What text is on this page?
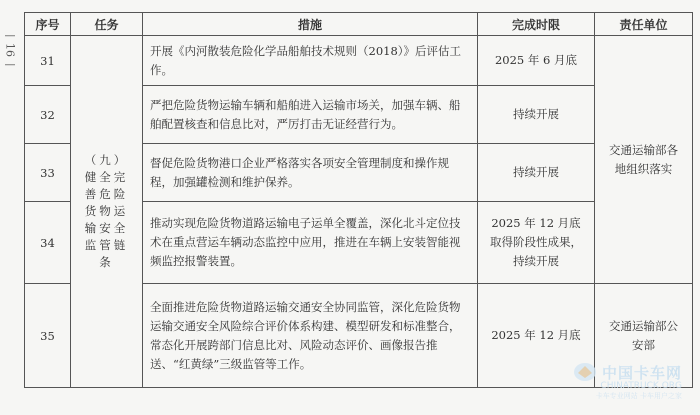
—
16
—
序号	任务	措施	完成时限	责任单位
31	（九）健全完善危险货物运输安全监管链条	开展《内河散装危险化学品船舶技术规则（2018）》后评估工作。	2025 年 6 月底	交通运输部各地组织落实
32		严把危险货物运输车辆和船舶进入运输市场关，加强车辆、船舶配置核查和信息比对，严厉打击无证经营行为。	持续开展	
33		督促危险货物港口企业严格落实各项安全管理制度和操作规程，加强罐检测和维护保养。	持续开展	
34		推动实现危险货物道路运输电子运单全覆盖，深化北斗定位技术在重点营运车辆动态监控中应用，推进在车辆上安装智能视频监控报警装置。	2025 年 12 月底取得阶段性成果，持续开展	
35		全面推进危险货物道路运输交通安全协同监管，深化危险货物运输交通安全风险综合评价体系构建、模型研发和标准整合，常态化开展跨部门信息比对、风险动态评价、画像报告推送、“红黄绿”三级监管等工作。	2025 年 12 月底	交通运输部公安部
中国卡车网
CHINATRUCK.ORG
卡车专业网站 卡车用户之家
